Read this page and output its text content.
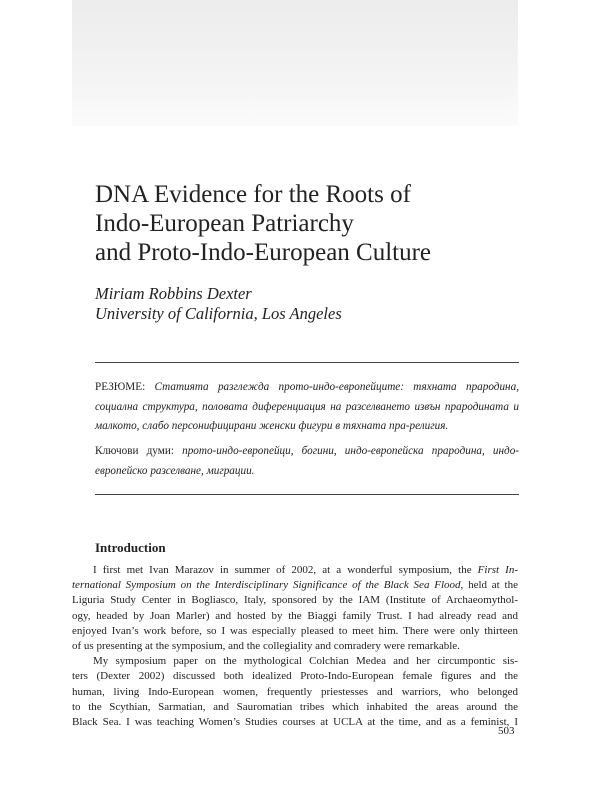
DNA Evidence for the Roots of
Indo-European Patriarchy
and Proto-Indo-European Culture
Miriam Robbins Dexter
University of California, Los Angeles
РЕЗЮМЕ: Статията разглежда прото-индо-европейците: тяхната прародина, социална структура, половата диференциация на разселването извън прародината и малкото, слабо персонифицирани женски фигури в тяхната пра-религия.
Ключови думи: прото-индо-европейци, богини, индо-европейска прародина, индо-европейско разселване, миграции.
Introduction
I first met Ivan Marazov in summer of 2002, at a wonderful symposium, the First In-
ternational Symposium on the Interdisciplinary Significance of the Black Sea Flood, held at the
Liguria Study Center in Bogliasco, Italy, sponsored by the IAM (Institute of Archaeomythol-
ogy, headed by Joan Marler) and hosted by the Biaggi family Trust. I had already read and
enjoyed Ivan’s work before, so I was especially pleased to meet him. There were only thirteen
of us presenting at the symposium, and the collegiality and comradery were remarkable.
My symposium paper on the mythological Colchian Medea and her circumpontic sis-
ters (Dexter 2002) discussed both idealized Proto-Indo-European female figures and the
human, living Indo-European women, frequently priestesses and warriors, who belonged
to the Scythian, Sarmatian, and Sauromatian tribes which inhabited the areas around the
Black Sea. I was teaching Women’s Studies courses at UCLA at the time, and as a feminist, I
503
